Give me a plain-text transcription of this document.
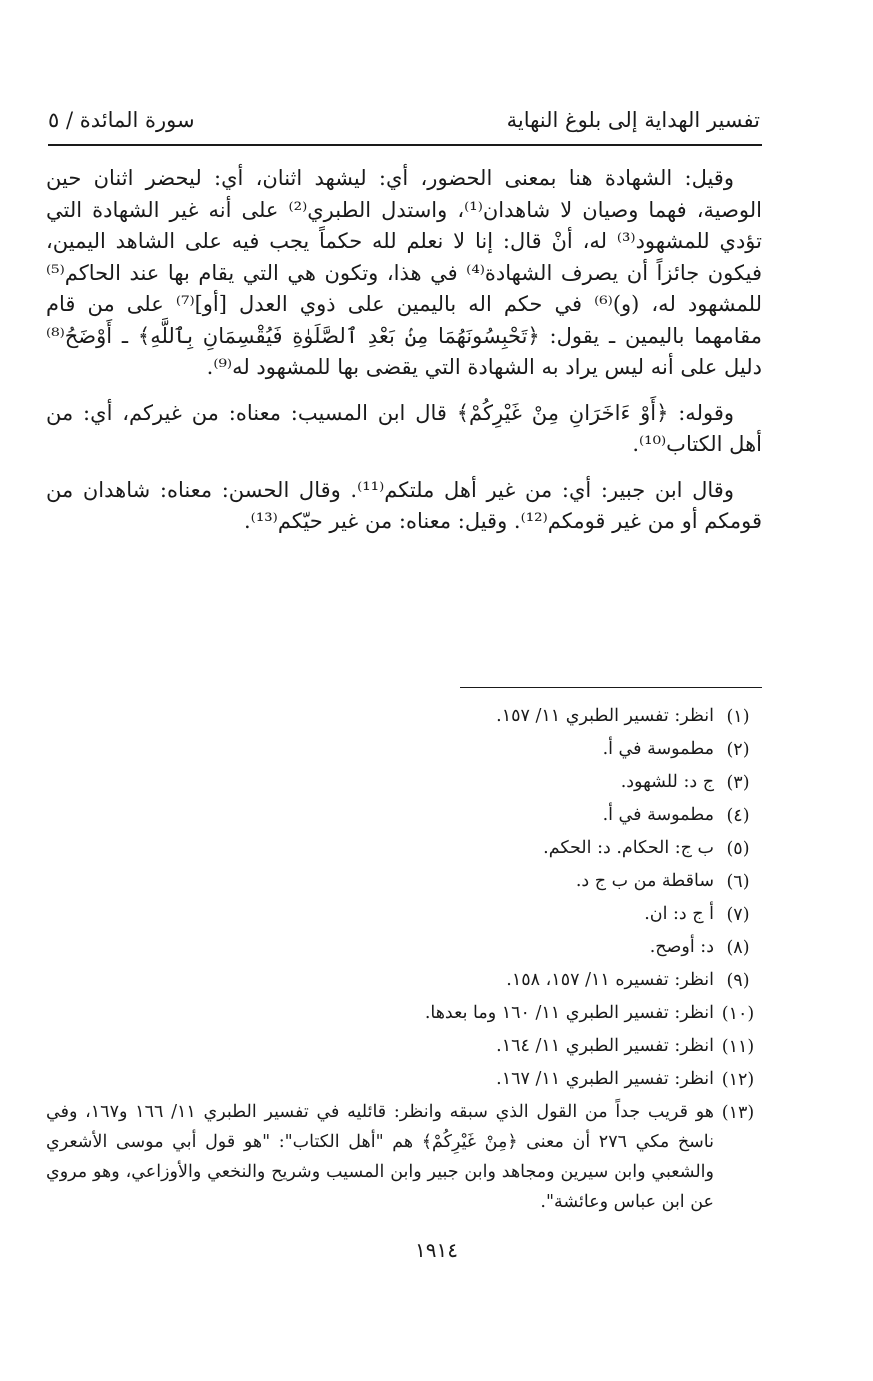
تفسير الهداية إلى بلوغ النهاية
سورة المائدة / ٥

وقيل: الشهادة هنا بمعنى الحضور، أي: ليشهد اثنان، أي: ليحضر اثنان حين الوصية، فهما وصيان لا شاهدان⁽¹⁾، واستدل الطبري⁽²⁾ على أنه غير الشهادة التي تؤدي للمشهود⁽³⁾ له، أنْ قال: إنا لا نعلم لله حكماً يجب فيه على الشاهد اليمين، فيكون جائزاً أن يصرف الشهادة⁽⁴⁾ في هذا، وتكون هي التي يقام بها عند الحاكم⁽⁵⁾ للمشهود له، (و)⁽⁶⁾ في حكم اله باليمين على ذوي العدل [أو]⁽⁷⁾ على من قام مقامهما باليمين ـ يقول: ﴿تَحْبِسُونَهُمَا مِنۢ بَعْدِ ٱلصَّلَوٰةِ فَيُقْسِمَانِ بِٱللَّهِ﴾ ـ أَوْضَحُ⁽⁸⁾ دليل على أنه ليس يراد به الشهادة التي يقضى بها للمشهود له⁽⁹⁾.

وقوله: ﴿أَوْ ءَاخَرَانِ مِنْ غَيْرِكُمْ﴾ قال ابن المسيب: معناه: من غيركم، أي: من أهل الكتاب⁽¹⁰⁾.

وقال ابن جبير: أي: من غير أهل ملتكم⁽¹¹⁾. وقال الحسن: معناه: شاهدان من قومكم أو من غير قومكم⁽¹²⁾. وقيل: معناه: من غير حيّكم⁽¹³⁾.

(١)
انظر: تفسير الطبري ١١/ ١٥٧.
(٢)
مطموسة في أ.
(٣)
ج د: للشهود.
(٤)
مطموسة في أ.
(٥)
ب ج: الحكام. د: الحكم.
(٦)
ساقطة من ب ج د.
(٧)
أ ج د: ان.
(٨)
د: أوصح.
(٩)
انظر: تفسيره ١١/ ١٥٧، ١٥٨.
(١٠)
انظر: تفسير الطبري ١١/ ١٦٠ وما بعدها.
(١١)
انظر: تفسير الطبري ١١/ ١٦٤.
(١٢)
انظر: تفسير الطبري ١١/ ١٦٧.
(١٣)
هو قريب جداً من القول الذي سبقه وانظر: قائليه في تفسير الطبري ١١/ ١٦٦ و١٦٧، وفي ناسخ مكي ٢٧٦ أن معنى ﴿مِنْ غَيْرِكُمْ﴾ هم "أهل الكتاب": "هو قول أبي موسى الأشعري والشعبي وابن سيرين ومجاهد وابن جبير وابن المسيب وشريح والنخعي والأوزاعي، وهو مروي عن ابن عباس وعائشة".
١٩١٤
